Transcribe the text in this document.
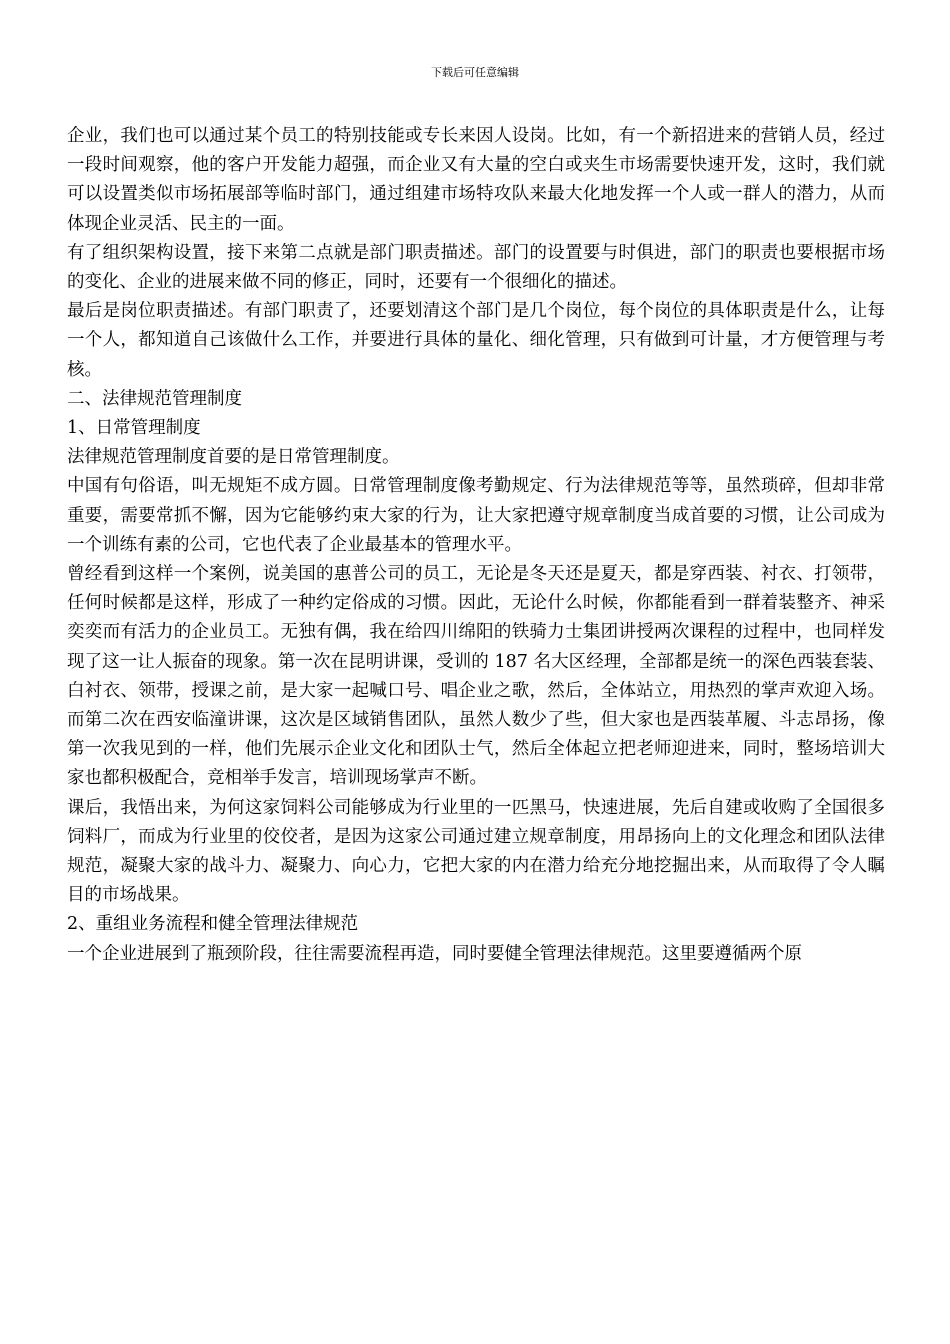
下载后可任意编辑

企业，我们也可以通过某个员工的特别技能或专长来因人设岗。比如，有一个新招进来的营销人员，经过一段时间观察，他的客户开发能力超强，而企业又有大量的空白或夹生市场需要快速开发，这时，我们就可以设置类似市场拓展部等临时部门，通过组建市场特攻队来最大化地发挥一个人或一群人的潜力，从而体现企业灵活、民主的一面。

有了组织架构设置，接下来第二点就是部门职责描述。部门的设置要与时俱进，部门的职责也要根据市场的变化、企业的进展来做不同的修正，同时，还要有一个很细化的描述。

最后是岗位职责描述。有部门职责了，还要划清这个部门是几个岗位，每个岗位的具体职责是什么，让每一个人，都知道自己该做什么工作，并要进行具体的量化、细化管理，只有做到可计量，才方便管理与考核。

二、法律规范管理制度

1、日常管理制度

法律规范管理制度首要的是日常管理制度。

中国有句俗语，叫无规矩不成方圆。日常管理制度像考勤规定、行为法律规范等等，虽然琐碎，但却非常重要，需要常抓不懈，因为它能够约束大家的行为，让大家把遵守规章制度当成首要的习惯，让公司成为一个训练有素的公司，它也代表了企业最基本的管理水平。

曾经看到这样一个案例，说美国的惠普公司的员工，无论是冬天还是夏天，都是穿西装、衬衣、打领带，任何时候都是这样，形成了一种约定俗成的习惯。因此，无论什么时候，你都能看到一群着装整齐、神采奕奕而有活力的企业员工。无独有偶，我在给四川绵阳的铁骑力士集团讲授两次课程的过程中，也同样发现了这一让人振奋的现象。第一次在昆明讲课，受训的 187 名大区经理，全部都是统一的深色西装套装、白衬衣、领带，授课之前，是大家一起喊口号、唱企业之歌，然后，全体站立，用热烈的掌声欢迎入场。而第二次在西安临潼讲课，这次是区域销售团队，虽然人数少了些，但大家也是西装革履、斗志昂扬，像第一次我见到的一样，他们先展示企业文化和团队士气，然后全体起立把老师迎进来，同时，整场培训大家也都积极配合，竞相举手发言，培训现场掌声不断。

课后，我悟出来，为何这家饲料公司能够成为行业里的一匹黑马，快速进展，先后自建或收购了全国很多饲料厂，而成为行业里的佼佼者，是因为这家公司通过建立规章制度，用昂扬向上的文化理念和团队法律规范，凝聚大家的战斗力、凝聚力、向心力，它把大家的内在潜力给充分地挖掘出来，从而取得了令人瞩目的市场战果。

2、重组业务流程和健全管理法律规范

一个企业进展到了瓶颈阶段，往往需要流程再造，同时要健全管理法律规范。这里要遵循两个原
